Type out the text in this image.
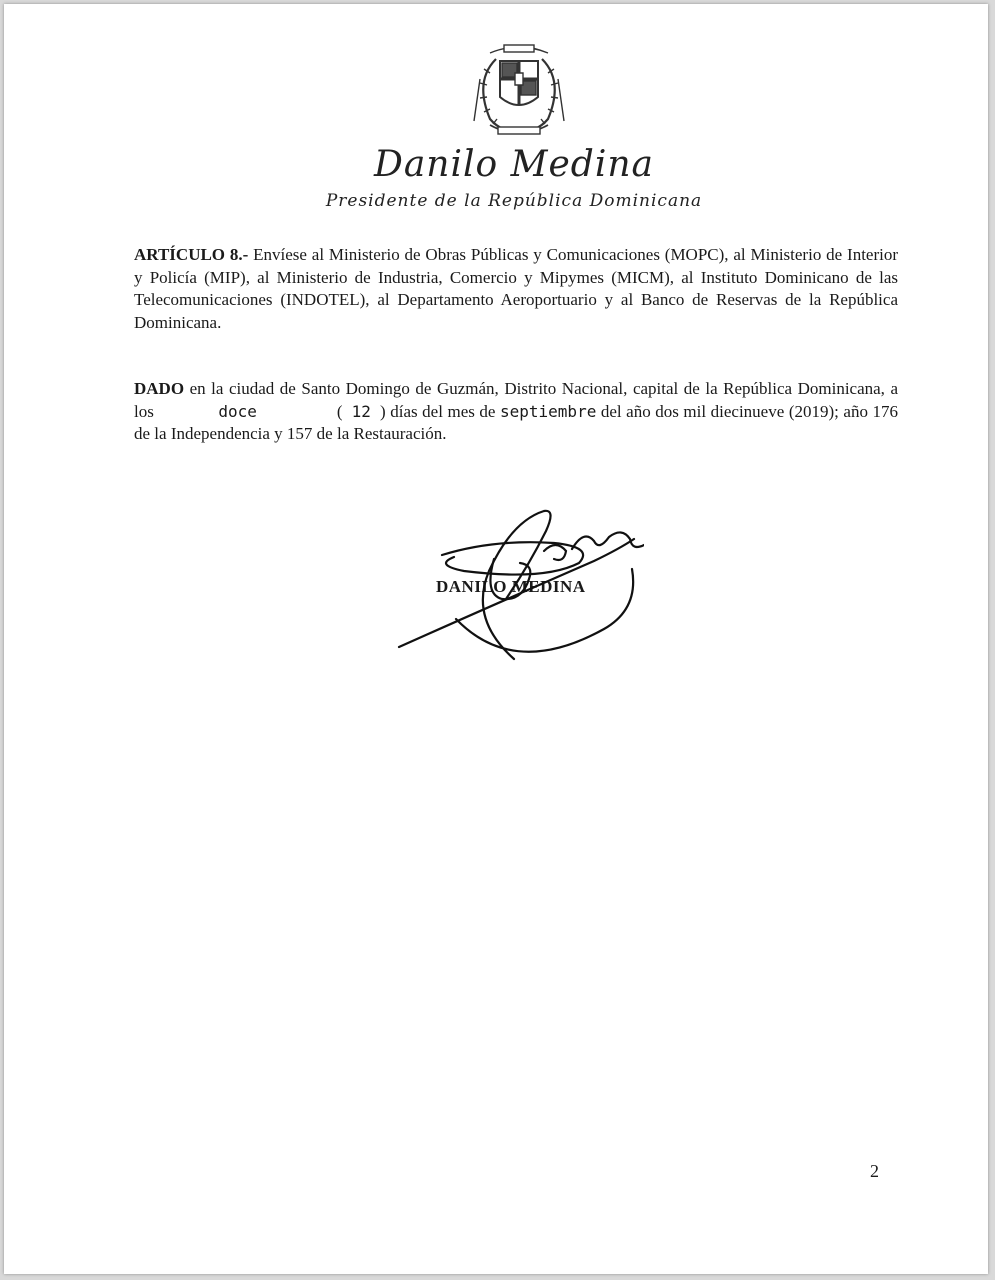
Danilo Medina
Presidente de la República Dominicana
ARTÍCULO 8.- Envíese al Ministerio de Obras Públicas y Comunicaciones (MOPC), al Ministerio de Interior y Policía (MIP), al Ministerio de Industria, Comercio y Mipymes (MICM), al Instituto Dominicano de las Telecomunicaciones (INDOTEL), al Departamento Aeroportuario y al Banco de Reservas de la República Dominicana.
DADO en la ciudad de Santo Domingo de Guzmán, Distrito Nacional, capital de la República Dominicana, a los	doce	(  12  ) días del mes de septiembre del año dos mil diecinueve (2019); año 176 de la Independencia y 157 de la Restauración.
DANILO MEDINA
2
